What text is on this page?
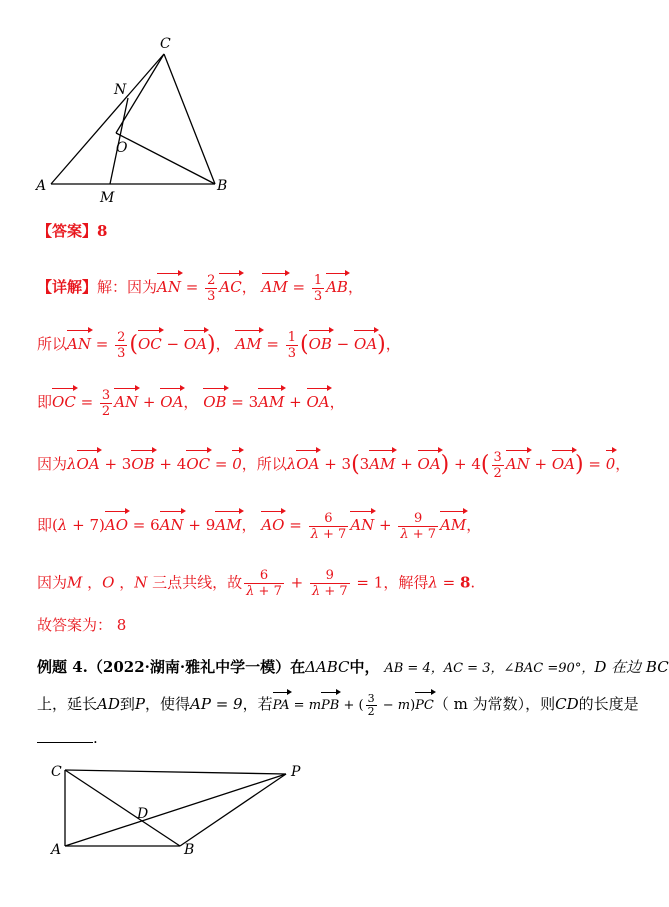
C
N
O
A
M
B
【答案】8
【详解】解：因为AN = $\frac{2}{3}$ AC， AM = $\frac{1}{3}$ AB，
所以AN = $\frac{2}{3} (OC - OA)$， AM = $\frac{1}{3} (OB - OA)$，
即OC = $\frac{3}{2}$ AN + OA， OB = 3AM + OA，
因为λOA + 3OB + 4OC = 0，所以$\lambda OA + 3(3AM + OA) + 4( \frac{3}{2}$ AN + OA) = 0，
即(λ + 7)AO = 6AN + 9AM， AO = $\frac{6}{\lambda + 7}$ AN + $\frac{9}{\lambda + 7}$ AM，
因为M ，O ，N 三点共线，故 $\frac{6}{\lambda + 7} + \frac{9}{\lambda + 7} = 1$，解得λ = 8.
故答案为： 8
例题 4.（2022·湖南·雅礼中学一模）在ΔABC中， AB = 4，AC = 3，∠BAC =90°，D 在边 BC
上，延长AD到P，使得AP = 9，若PA = mPB + ( $\frac{3}{2} - m)PC$（ m 为常数），则CD的长度是
.
C	P
D
A	B
